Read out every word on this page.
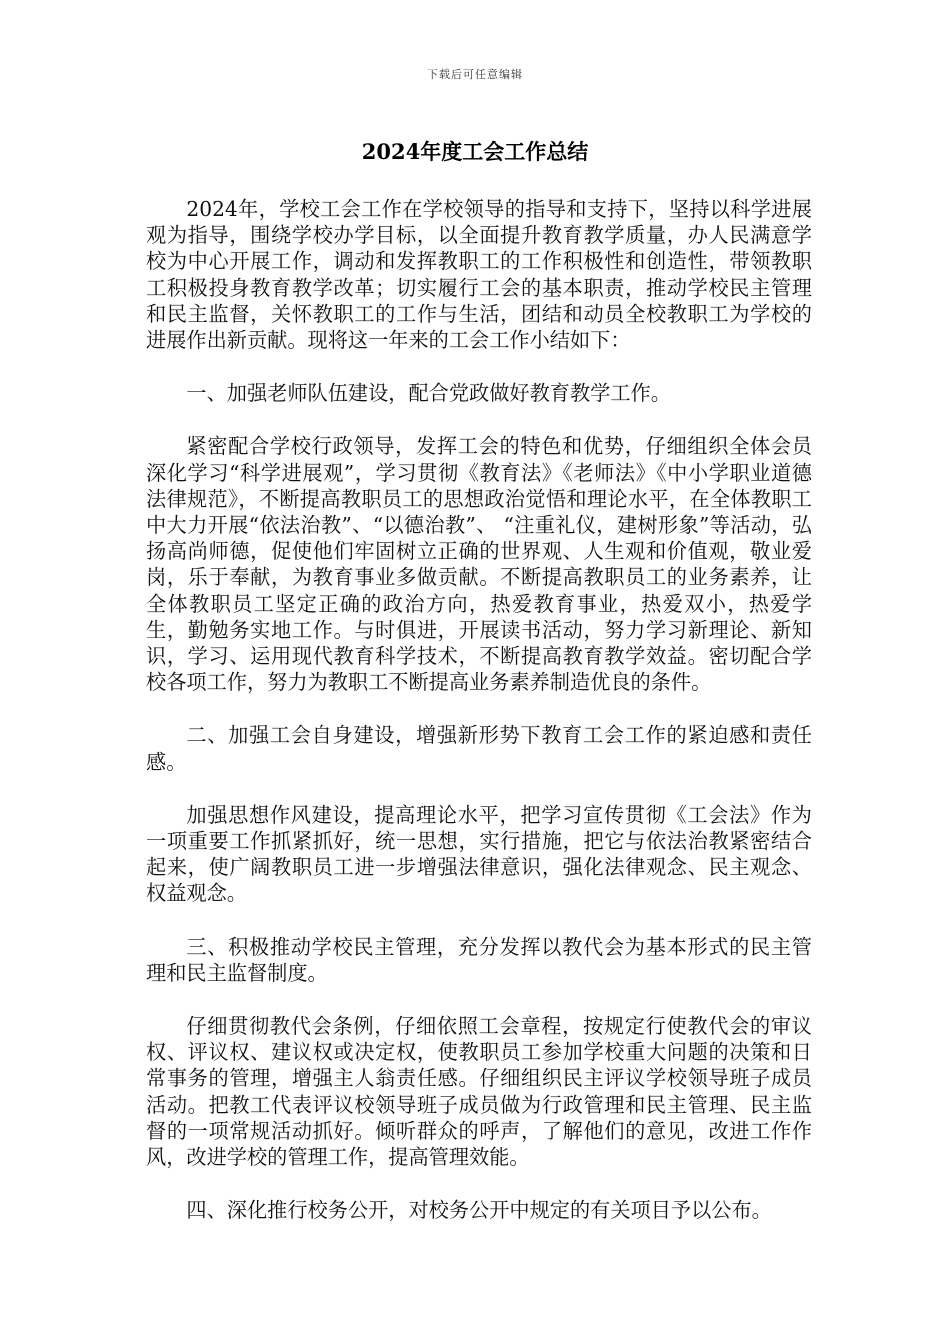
下载后可任意编辑
2024年度工会工作总结

2024年，学校工会工作在学校领导的指导和支持下，坚持以科学进展观为指导，围绕学校办学目标，以全面提升教育教学质量，办人民满意学校为中心开展工作，调动和发挥教职工的工作积极性和创造性，带领教职工积极投身教育教学改革；切实履行工会的基本职责，推动学校民主管理和民主监督，关怀教职工的工作与生活，团结和动员全校教职工为学校的进展作出新贡献。现将这一年来的工会工作小结如下：

一、加强老师队伍建设，配合党政做好教育教学工作。

紧密配合学校行政领导，发挥工会的特色和优势，仔细组织全体会员深化学习“科学进展观”，学习贯彻《教育法》《老师法》《中小学职业道德法律规范》，不断提高教职员工的思想政治觉悟和理论水平，在全体教职工中大力开展“依法治教”、“以德治教”、 “注重礼仪，建树形象”等活动，弘扬高尚师德，促使他们牢固树立正确的世界观、人生观和价值观，敬业爱岗，乐于奉献，为教育事业多做贡献。不断提高教职员工的业务素养，让全体教职员工坚定正确的政治方向，热爱教育事业，热爱双小，热爱学生，勤勉务实地工作。与时俱进，开展读书活动，努力学习新理论、新知识，学习、运用现代教育科学技术，不断提高教育教学效益。密切配合学校各项工作，努力为教职工不断提高业务素养制造优良的条件。

二、加强工会自身建设，增强新形势下教育工会工作的紧迫感和责任感。

加强思想作风建设，提高理论水平，把学习宣传贯彻《工会法》作为一项重要工作抓紧抓好，统一思想，实行措施，把它与依法治教紧密结合起来，使广阔教职员工进一步增强法律意识，强化法律观念、民主观念、权益观念。

三、积极推动学校民主管理，充分发挥以教代会为基本形式的民主管理和民主监督制度。

仔细贯彻教代会条例，仔细依照工会章程，按规定行使教代会的审议权、评议权、建议权或决定权，使教职员工参加学校重大问题的决策和日常事务的管理，增强主人翁责任感。仔细组织民主评议学校领导班子成员活动。把教工代表评议校领导班子成员做为行政管理和民主管理、民主监督的一项常规活动抓好。倾听群众的呼声，了解他们的意见，改进工作作风，改进学校的管理工作，提高管理效能。

四、深化推行校务公开，对校务公开中规定的有关项目予以公布。
